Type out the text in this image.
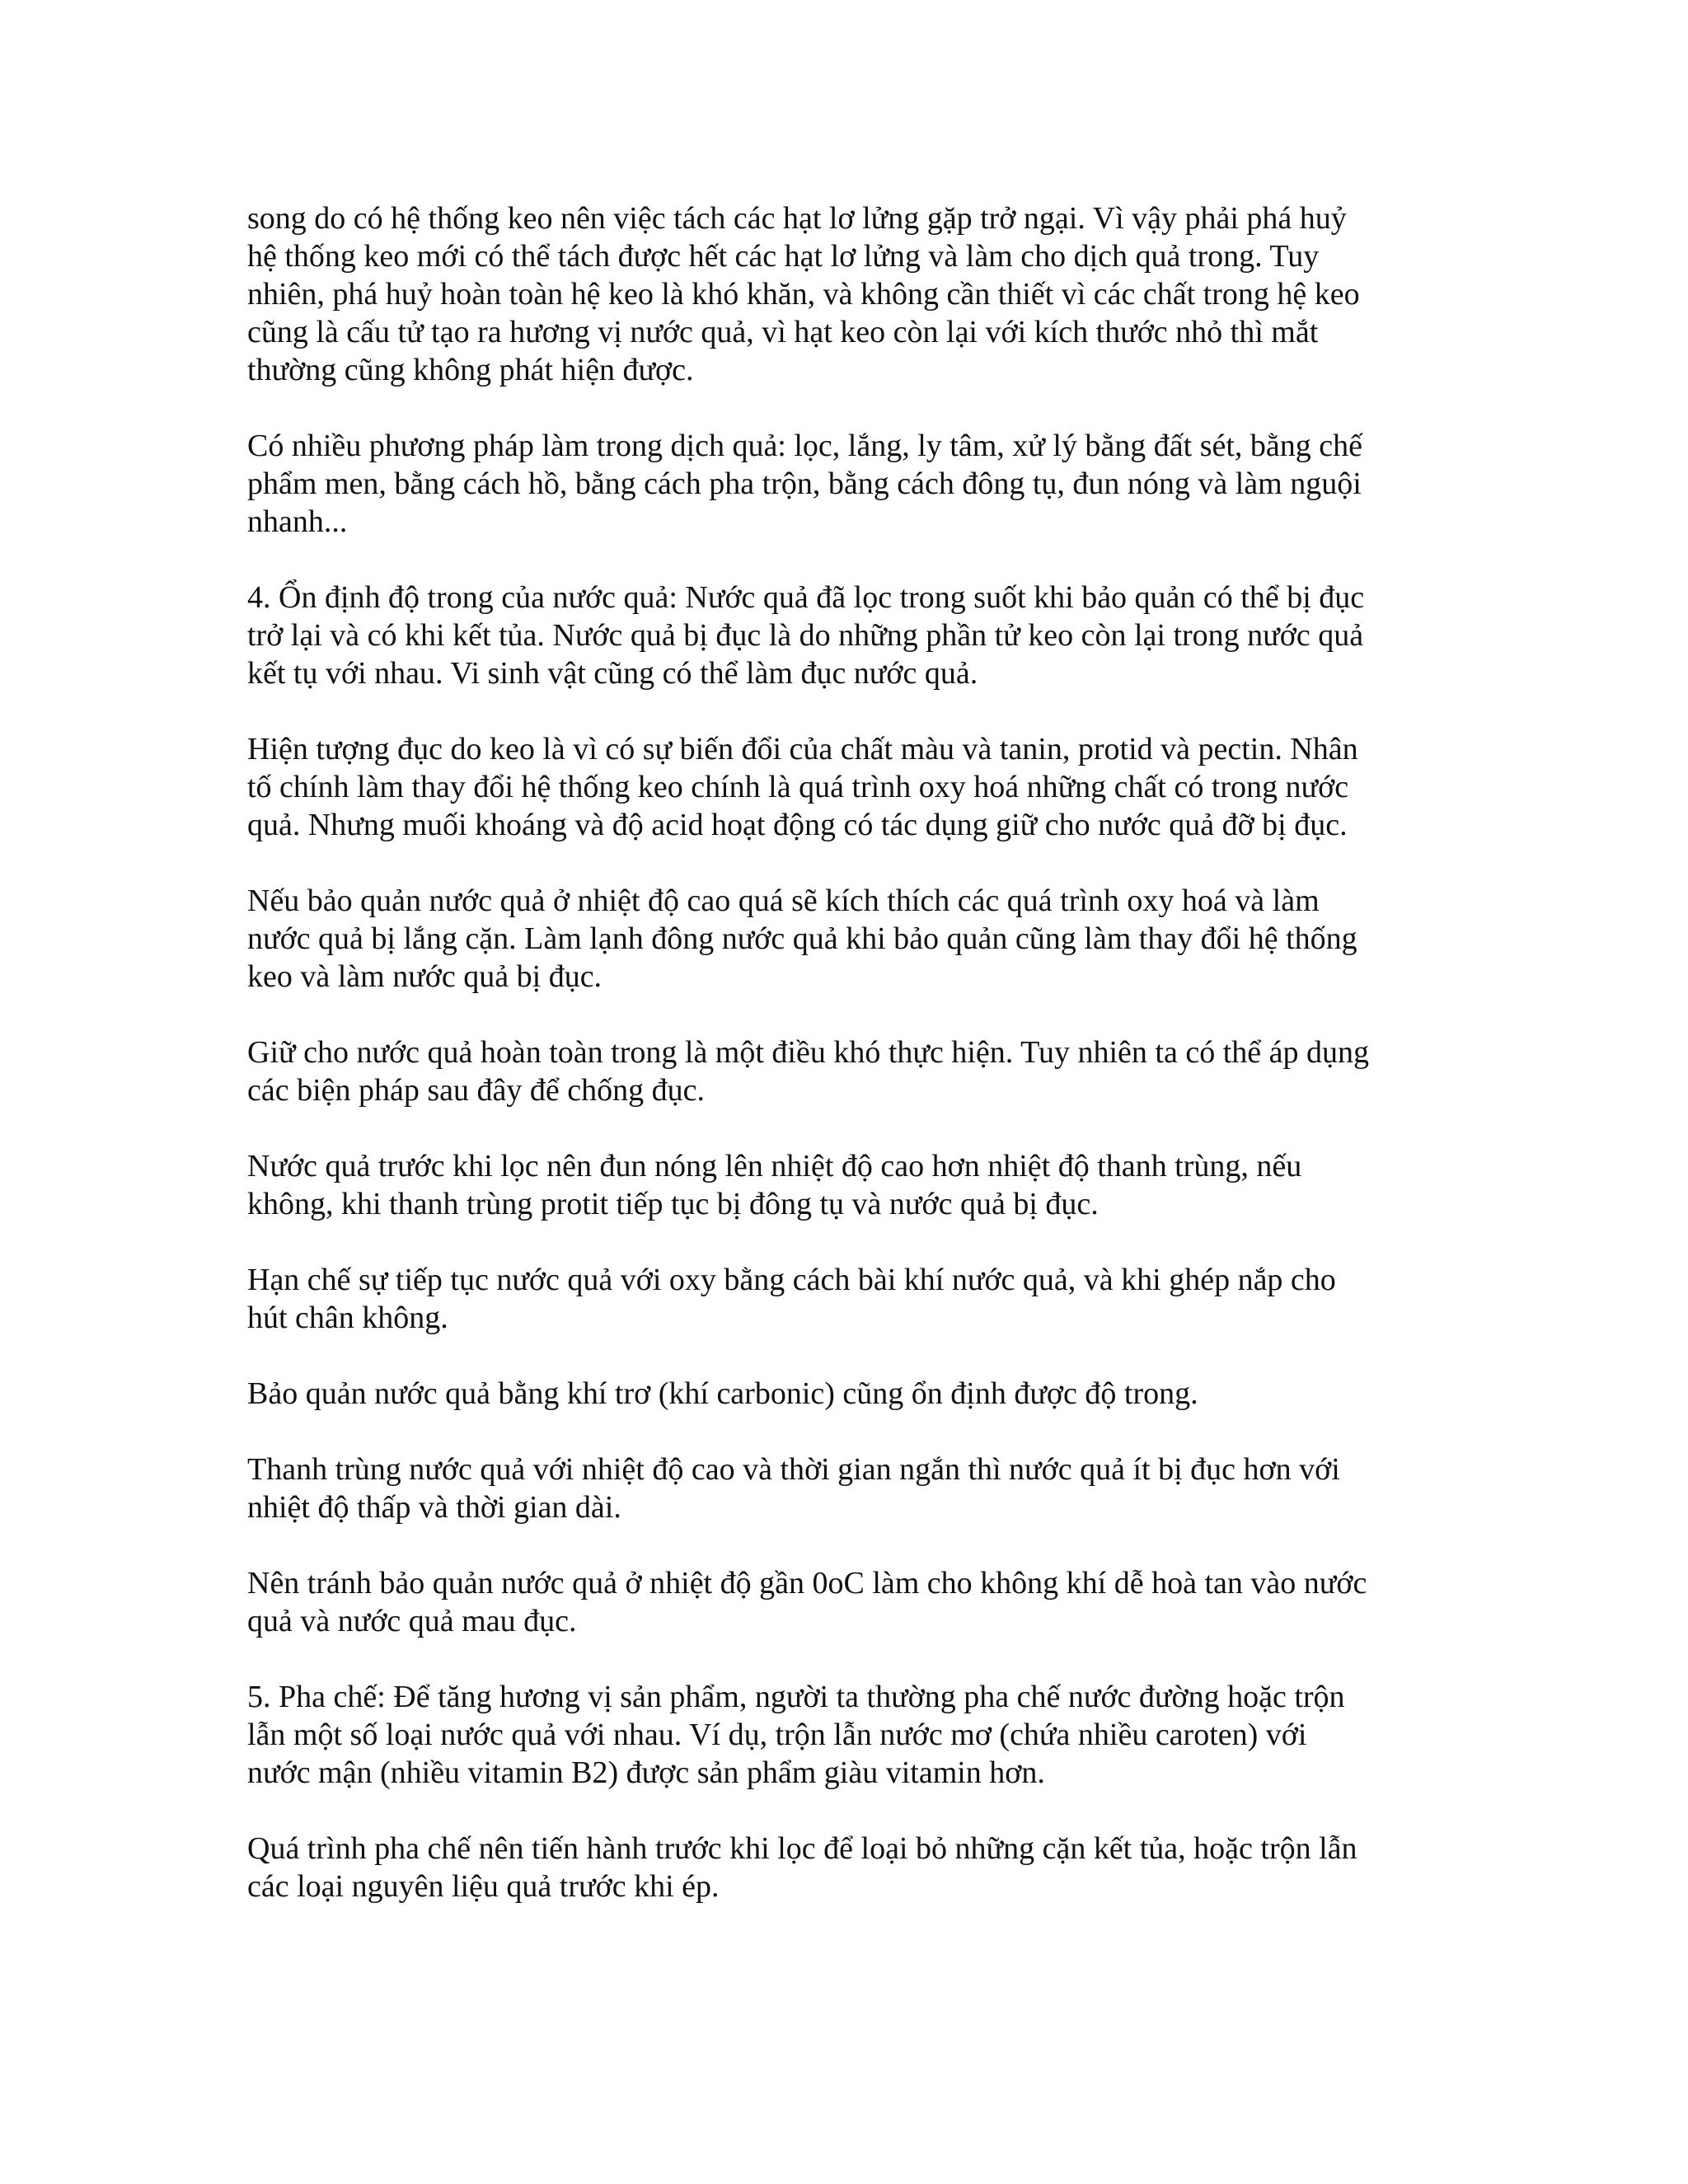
song do có hệ thống keo nên việc tách các hạt lơ lửng gặp trở ngại. Vì vậy phải phá huỷ
hệ thống keo mới có thể tách được hết các hạt lơ lửng và làm cho dịch quả trong. Tuy
nhiên, phá huỷ hoàn toàn hệ keo là khó khăn, và không cần thiết vì các chất trong hệ keo
cũng là cấu tử tạo ra hương vị nước quả, vì hạt keo còn lại với kích thước nhỏ thì mắt
thường cũng không phát hiện được.
Có nhiều phương pháp làm trong dịch quả: lọc, lắng, ly tâm, xử lý bằng đất sét, bằng chế
phẩm men, bằng cách hồ, bằng cách pha trộn, bằng cách đông tụ, đun nóng và làm nguội
nhanh...
4. Ổn định độ trong của nước quả: Nước quả đã lọc trong suốt khi bảo quản có thể bị đục
trở lại và có khi kết tủa. Nước quả bị đục là do những phần tử keo còn lại trong nước quả
kết tụ với nhau. Vi sinh vật cũng có thể làm đục nước quả.
Hiện tượng đục do keo là vì có sự biến đổi của chất màu và tanin, protid và pectin. Nhân
tố chính làm thay đổi hệ thống keo chính là quá trình oxy hoá những chất có trong nước
quả. Nhưng muối khoáng và độ acid hoạt động có tác dụng giữ cho nước quả đỡ bị đục.
Nếu bảo quản nước quả ở nhiệt độ cao quá sẽ kích thích các quá trình oxy hoá và làm
nước quả bị lắng cặn. Làm lạnh đông nước quả khi bảo quản cũng làm thay đổi hệ thống
keo và làm nước quả bị đục.
Giữ cho nước quả hoàn toàn trong là một điều khó thực hiện. Tuy nhiên ta có thể áp dụng
các biện pháp sau đây để chống đục.
Nước quả trước khi lọc nên đun nóng lên nhiệt độ cao hơn nhiệt độ thanh trùng, nếu
không, khi thanh trùng protit tiếp tục bị đông tụ và nước quả bị đục.
Hạn chế sự tiếp tục nước quả với oxy bằng cách bài khí nước quả, và khi ghép nắp cho
hút chân không.
Bảo quản nước quả bằng khí trơ (khí carbonic) cũng ổn định được độ trong.
Thanh trùng nước quả với nhiệt độ cao và thời gian ngắn thì nước quả ít bị đục hơn với
nhiệt độ thấp và thời gian dài.
Nên tránh bảo quản nước quả ở nhiệt độ gần 0oC làm cho không khí dễ hoà tan vào nước
quả và nước quả mau đục.
5. Pha chế: Để tăng hương vị sản phẩm, người ta thường pha chế nước đường hoặc trộn
lẫn một số loại nước quả với nhau. Ví dụ, trộn lẫn nước mơ (chứa nhiều caroten) với
nước mận (nhiều vitamin B2) được sản phẩm giàu vitamin hơn.
Quá trình pha chế nên tiến hành trước khi lọc để loại bỏ những cặn kết tủa, hoặc trộn lẫn
các loại nguyên liệu quả trước khi ép.
